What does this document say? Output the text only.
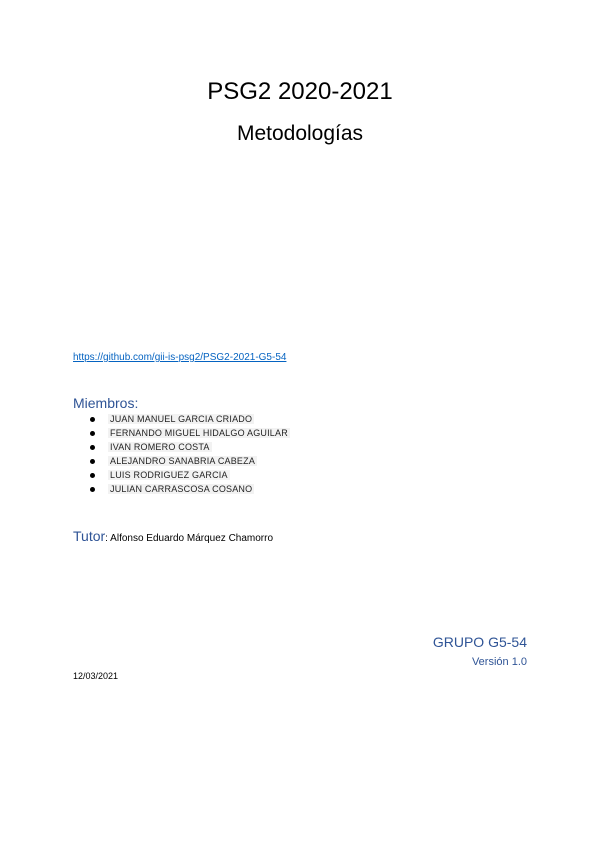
PSG2 2020-2021
Metodologías
https://github.com/gii-is-psg2/PSG2-2021-G5-54
Miembros:
JUAN MANUEL GARCIA CRIADO
FERNANDO MIGUEL HIDALGO AGUILAR
IVAN ROMERO COSTA
ALEJANDRO SANABRIA CABEZA
LUIS RODRIGUEZ GARCIA
JULIAN CARRASCOSA COSANO
Tutor: Alfonso Eduardo Márquez Chamorro
GRUPO G5-54
Versión 1.0
12/03/2021
